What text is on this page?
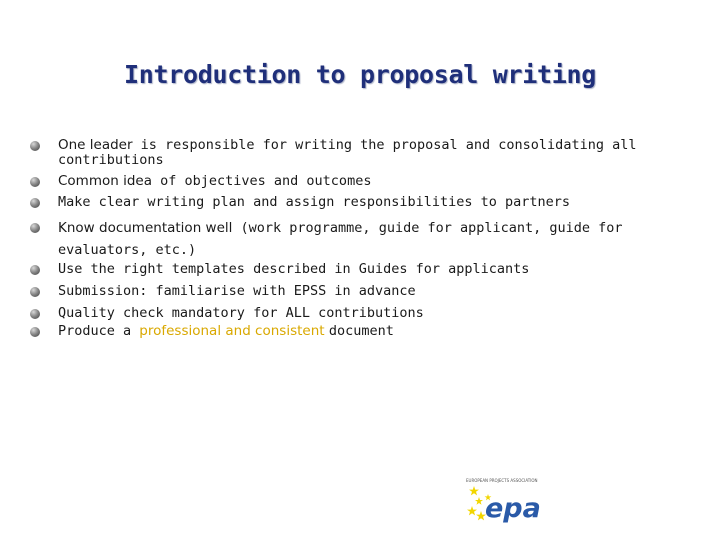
Introduction to proposal writing
One leader is responsible for writing the proposal and consolidating all contributions
Common idea of objectives and outcomes
Make clear writing plan and assign responsibilities to partners
Know documentation well (work programme, guide for applicant, guide for evaluators, etc.)
Use the right templates described in Guides for applicants
Submission: familiarise with EPSS in advance
Quality check mandatory for ALL contributions
Produce a professional and consistent document
EUROPEAN PROJECTS ASSOCIATION
epa
